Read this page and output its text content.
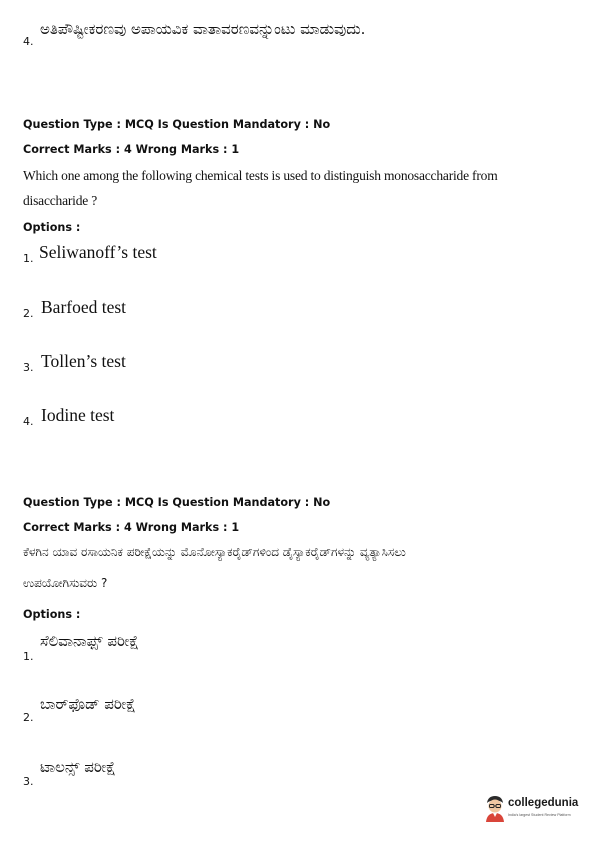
4.
ಅತಿಪೌಷ್ಟೀಕರಣವು ಅಪಾಯವಿಕ ವಾತಾವರಣವನ್ನುಂಟು ಮಾಡುವುದು.
Question Type : MCQ Is Question Mandatory : No
Correct Marks : 4 Wrong Marks : 1
Which one among the following chemical tests is used to distinguish monosaccharide from
disaccharide ?
Options :
1. Seliwanoff’s test
2. Barfoed test
3. Tollen’s test
4. Iodine test
Question Type : MCQ Is Question Mandatory : No
Correct Marks : 4 Wrong Marks : 1
ಕೆಳಗಿನ ಯಾವ ರಸಾಯನಿಕ ಪರೀಕ್ಷೆಯನ್ನು ಮೊನೋಸ್ಯಾಕರೈಡ್‌ಗಳಿಂದ ಡೈಸ್ಯಾಕರೈಡ್‌ಗಳನ್ನು ವ್ಯತ್ಯಾಸಿಸಲು
ಉಪಯೋಗಿಸುವರು ?
Options :
1.
ಸೆಲಿವಾನಾಫ್ಸ್ ಪರೀಕ್ಷೆ
2.
ಬಾರ್‌ಫೊಡ್ ಪರೀಕ್ಷೆ
3.
ಟಾಲನ್ಸ್ ಪರೀಕ್ಷೆ
collegedunia
India's largest Student Review Platform
